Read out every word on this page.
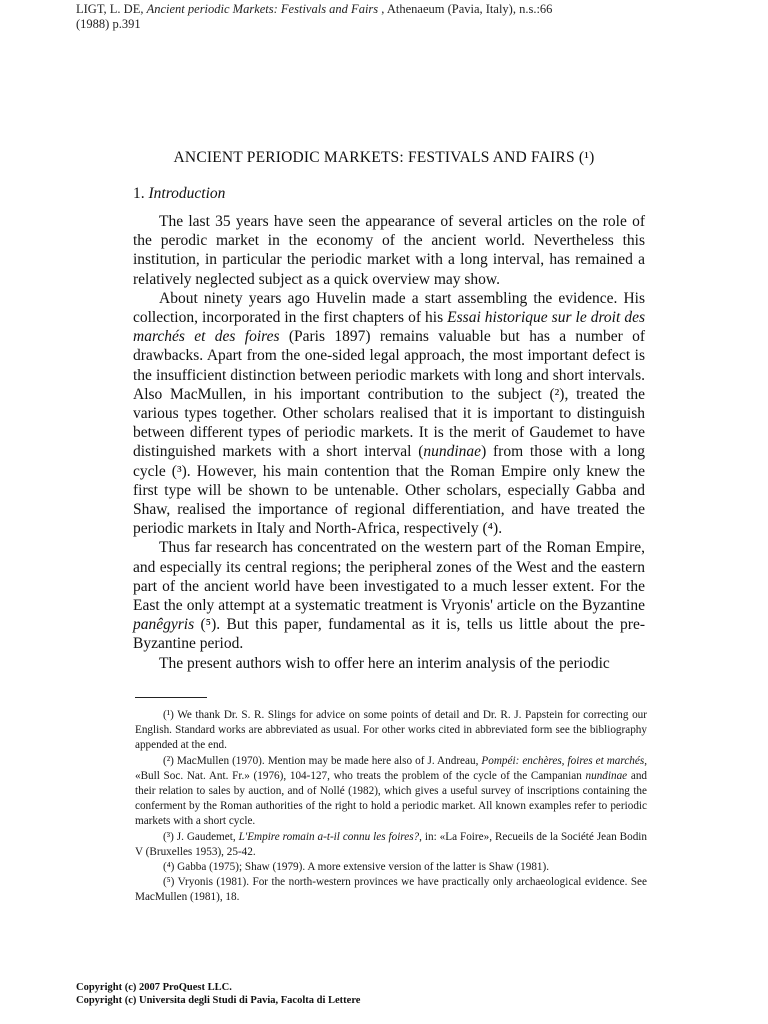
LIGT, L. DE, Ancient periodic Markets: Festivals and Fairs , Athenaeum (Pavia, Italy), n.s.:66
(1988) p.391
ANCIENT PERIODIC MARKETS: FESTIVALS AND FAIRS (¹)
1. Introduction

The last 35 years have seen the appearance of several articles on the role of the perodic market in the economy of the ancient world. Nevertheless this institution, in particular the periodic market with a long interval, has remained a relatively neglected subject as a quick overview may show.

About ninety years ago Huvelin made a start assembling the evidence. His collection, incorporated in the first chapters of his Essai historique sur le droit des marchés et des foires (Paris 1897) remains valuable but has a number of drawbacks. Apart from the one-sided legal approach, the most important defect is the insufficient distinction between periodic markets with long and short intervals. Also MacMullen, in his important contribution to the subject (²), treated the various types together. Other scholars realised that it is important to distinguish between different types of periodic markets. It is the merit of Gaudemet to have distinguished markets with a short interval (nundinae) from those with a long cycle (³). However, his main contention that the Roman Empire only knew the first type will be shown to be untenable. Other scholars, especially Gabba and Shaw, realised the importance of regional differentiation, and have treated the periodic markets in Italy and North-Africa, respectively (⁴).

Thus far research has concentrated on the western part of the Roman Empire, and especially its central regions; the peripheral zones of the West and the eastern part of the ancient world have been investigated to a much lesser extent. For the East the only attempt at a systematic treatment is Vryonis' article on the Byzantine panêgyris (⁵). But this paper, fundamental as it is, tells us little about the pre-Byzantine period.

The present authors wish to offer here an interim analysis of the periodic

(¹) We thank Dr. S. R. Slings for advice on some points of detail and Dr. R. J. Papstein for correcting our English. Standard works are abbreviated as usual. For other works cited in abbreviated form see the bibliography appended at the end.

(²) MacMullen (1970). Mention may be made here also of J. Andreau, Pompéi: enchères, foires et marchés, «Bull Soc. Nat. Ant. Fr.» (1976), 104-127, who treats the problem of the cycle of the Campanian nundinae and their relation to sales by auction, and of Nollé (1982), which gives a useful survey of inscriptions containing the conferment by the Roman authorities of the right to hold a periodic market. All known examples refer to periodic markets with a short cycle.

(³) J. Gaudemet, L'Empire romain a-t-il connu les foires?, in: «La Foire», Recueils de la Société Jean Bodin V (Bruxelles 1953), 25-42.

(⁴) Gabba (1975); Shaw (1979). A more extensive version of the latter is Shaw (1981).

(⁵) Vryonis (1981). For the north-western provinces we have practically only archaeological evidence. See MacMullen (1981), 18.

Copyright (c) 2007 ProQuest LLC.
Copyright (c) Universita degli Studi di Pavia, Facolta di Lettere
